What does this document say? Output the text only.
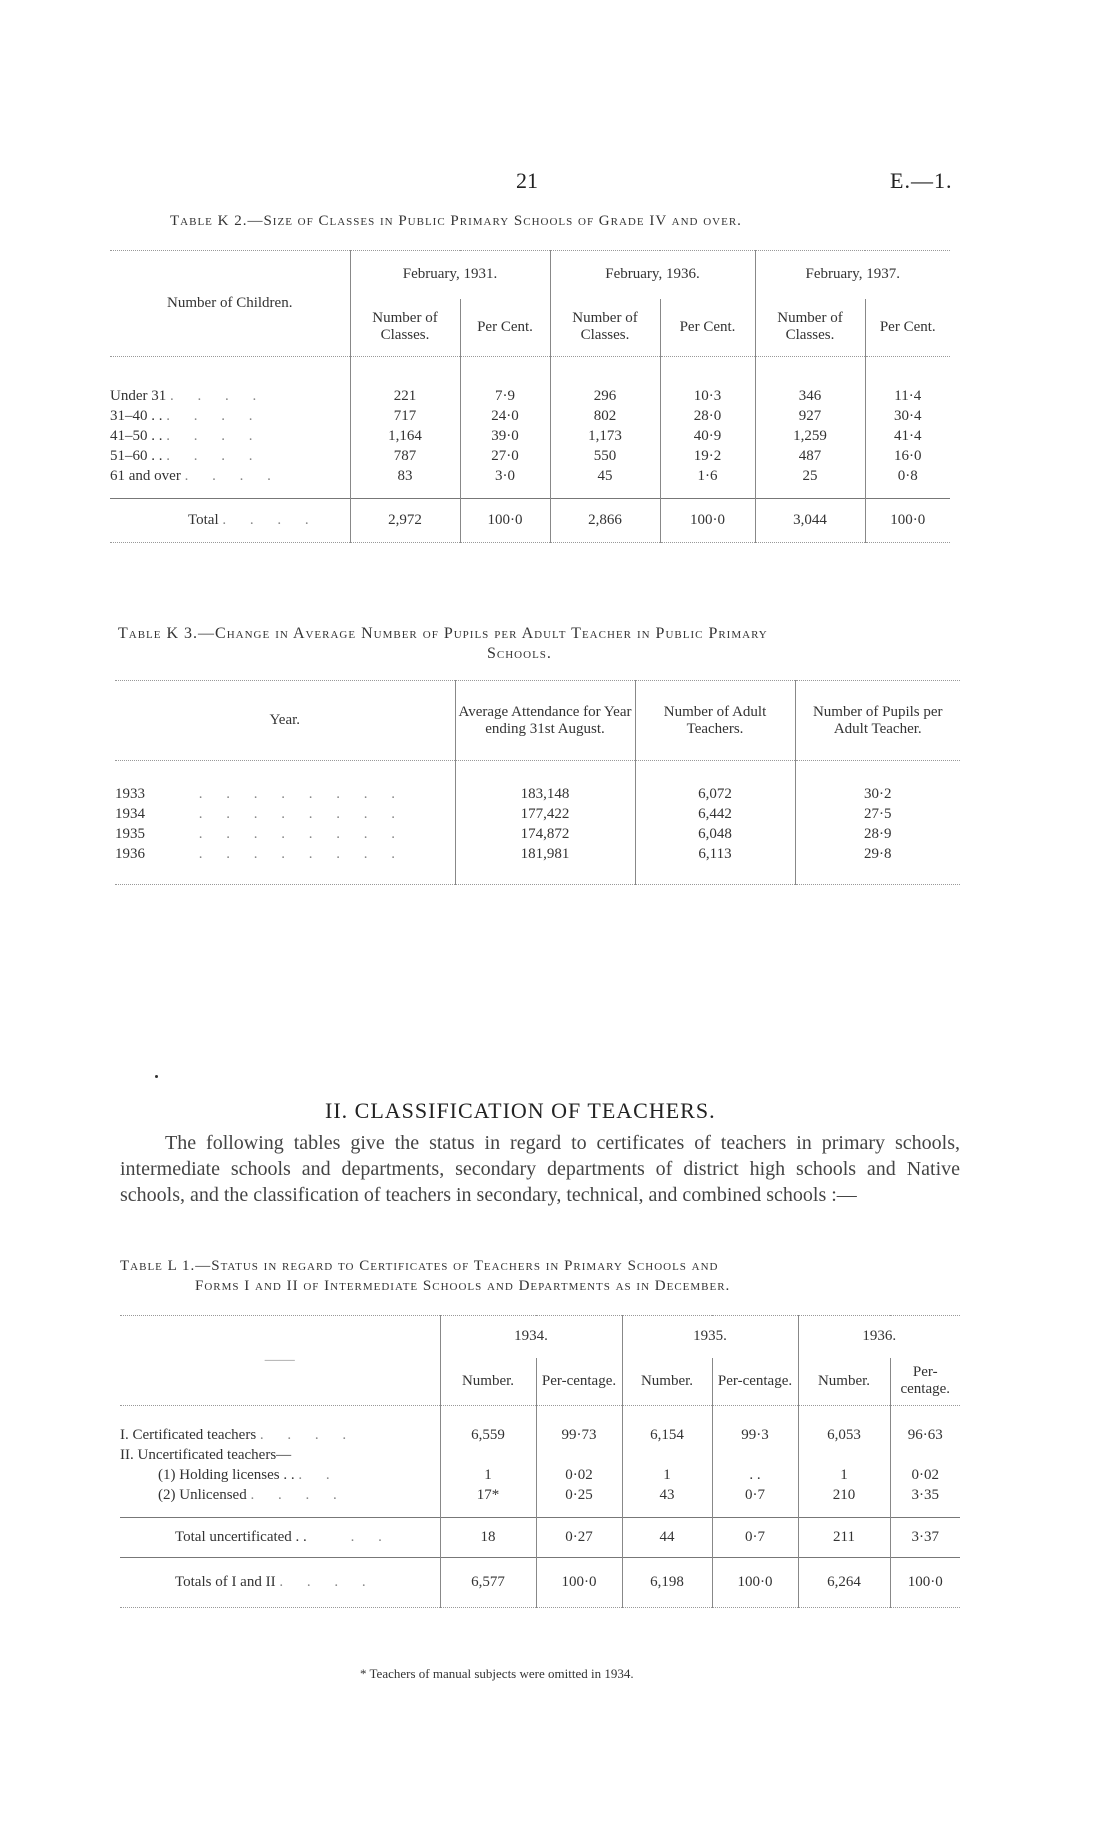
21	E.—1.
Table K 2.—Size of Classes in Public Primary Schools of Grade IV and over.
Number of Children.	February, 1931.		February, 1936.		February, 1937.	
	Number of Classes.	Per Cent.	Number of Classes.	Per Cent.	Number of Classes.	Per Cent.

Under 31 . . . .	221	7·9	296	10·3	346	11·4
31–40 . . . . . .	717	24·0	802	28·0	927	30·4
41–50 . . . . . .	1,164	39·0	1,173	40·9	1,259	41·4
51–60 . . . . . .	787	27·0	550	19·2	487	16·0
61 and over . . . .	83	3·0	45	1·6	25	0·8

Total . . . .	2,972	100·0	2,866	100·0	3,044	100·0
Table K 3.—Change in Average Number of Pupils per Adult Teacher in Public Primary
Schools.
Year.	Average Attendance for Year ending 31st August.	Number of Adult Teachers.	Number of Pupils per Adult Teacher.

1933 . . . . . . . .	183,148	6,072	30·2
1934 . . . . . . . .	177,422	6,442	27·5
1935 . . . . . . . .	174,872	6,048	28·9
1936 . . . . . . . .	181,981	6,113	29·8

II. CLASSIFICATION OF TEACHERS.

The following tables give the status in regard to certificates of teachers in primary schools, intermediate schools and departments, secondary departments of district high schools and Native schools, and the classification of teachers in secondary, technical, and combined schools :—

Table L 1.—Status in regard to Certificates of Teachers in Primary Schools and
Forms I and II of Intermediate Schools and Departments as in December.
——	1934.		1935.		1936.	
	Number.	Per-centage.	Number.	Per-centage.	Number.	Per-centage.

I. Certificated teachers . . . .	6,559	99·73	6,154	99·3	6,053	96·63
II. Uncertificated teachers—						
(1) Holding licenses . . . .	1	0·02	1	. .	1	0·02
(2) Unlicensed . . . .	17*	0·25	43	0·7	210	3·35

Total uncertificated . . . .	18	0·27	44	0·7	211	3·37
Totals of I and II . . . .	6,577	100·0	6,198	100·0	6,264	100·0
* Teachers of manual subjects were omitted in 1934.
